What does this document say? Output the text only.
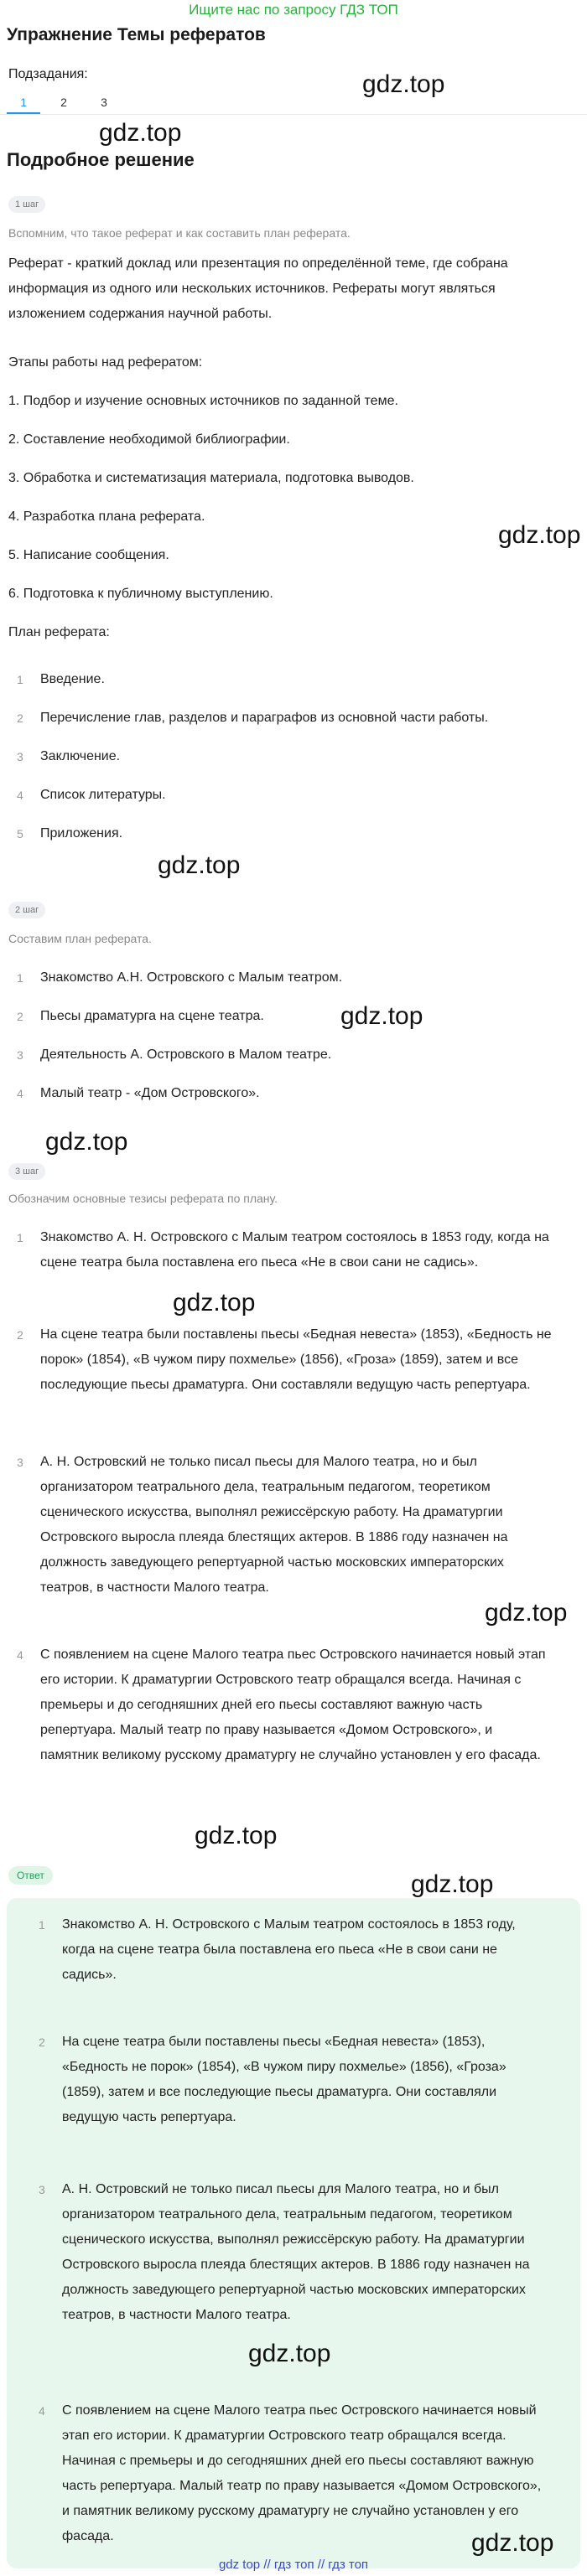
Ищите нас по запросу ГДЗ ТОП
Упражнение Темы рефератов
Подзадания:
1	2	3
gdz.top
gdz.top
Подробное решение
1 шаг
Вспомним, что такое реферат и как составить план реферата.
Реферат - краткий доклад или презентация по определённой теме, где собрана информация из одного или нескольких источников. Рефераты могут являться изложением содержания научной работы.
Этапы работы над рефератом:
1. Подбор и изучение основных источников по заданной теме.
2. Составление необходимой библиографии.
3. Обработка и систематизация материала, подготовка выводов.
4. Разработка плана реферата.
5. Написание сообщения.
6. Подготовка к публичному выступлению.
gdz.top
План реферата:
1	Введение.
2	Перечисление глав, разделов и параграфов из основной части работы.
3	Заключение.
4	Список литературы.
5	Приложения.
gdz.top
2 шаг
Составим план реферата.
1	Знакомство А.Н. Островского с Малым театром.
2	Пьесы драматурга на сцене театра.
3	Деятельность А. Островского в Малом театре.
4	Малый театр - «Дом Островского».
gdz.top
gdz.top
3 шаг
Обозначим основные тезисы реферата по плану.
1	Знакомство А. Н. Островского с Малым театром состоялось в 1853 году, когда на сцене театра была поставлена его пьеса «Не в свои сани не садись».
2	На сцене театра были поставлены пьесы «Бедная невеста» (1853), «Бедность не порок» (1854), «В чужом пиру похмелье» (1856), «Гроза» (1859), затем и все последующие пьесы драматурга. Они составляли ведущую часть репертуара.
3	А. Н. Островский не только писал пьесы для Малого театра, но и был организатором театрального дела, театральным педагогом, теоретиком сценического искусства, выполнял режиссёрскую работу. На драматургии Островского выросла плеяда блестящих актеров. В 1886 году назначен на должность заведующего репертуарной частью московских императорских театров, в частности Малого театра.
4	С появлением на сцене Малого театра пьес Островского начинается новый этап его истории. К драматургии Островского театр обращался всегда. Начиная с премьеры и до сегодняшних дней его пьесы составляют важную часть репертуара. Малый театр по праву называется «Домом Островского», и памятник великому русскому драматургу не случайно установлен у его фасада.
gdz.top
gdz.top
gdz.top
Ответ	gdz.top
1	Знакомство А. Н. Островского с Малым театром состоялось в 1853 году, когда на сцене театра была поставлена его пьеса «Не в свои сани не садись».
2	На сцене театра были поставлены пьесы «Бедная невеста» (1853), «Бедность не порок» (1854), «В чужом пиру похмелье» (1856), «Гроза» (1859), затем и все последующие пьесы драматурга. Они составляли ведущую часть репертуара.
3	А. Н. Островский не только писал пьесы для Малого театра, но и был организатором театрального дела, театральным педагогом, теоретиком сценического искусства, выполнял режиссёрскую работу. На драматургии Островского выросла плеяда блестящих актеров. В 1886 году назначен на должность заведующего репертуарной частью московских императорских театров, в частности Малого театра.
4	С появлением на сцене Малого театра пьес Островского начинается новый этап его истории. К драматургии Островского театр обращался всегда. Начиная с премьеры и до сегодняшних дней его пьесы составляют важную часть репертуара. Малый театр по праву называется «Домом Островского», и памятник великому русскому драматургу не случайно установлен у его фасада.
gdz.top
gdz.top
gdz top // гдз топ // гдз топ
